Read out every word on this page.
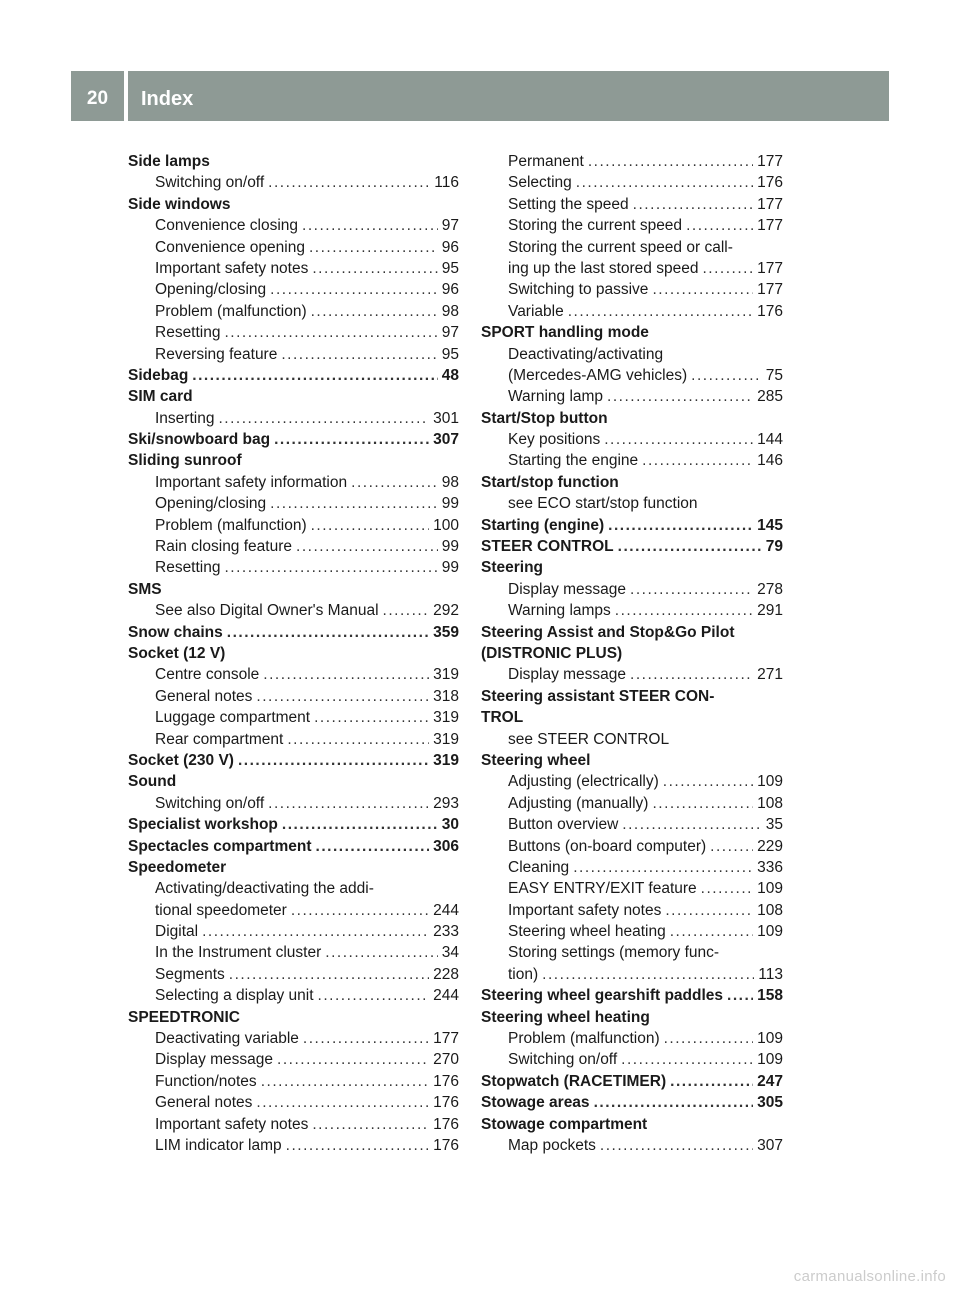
20	Index
Side lamps
Switching on/off . . .	116
Side windows
Convenience closing . . .	97
Convenience opening . . .	96
Important safety notes . . .	95
Opening/closing . . .	96
Problem (malfunction) . . .	98
Resetting . . .	97
Reversing feature . . .	95
Sidebag . . .	48
SIM card
Inserting . . .	301
Ski/snowboard bag . . .	307
Sliding sunroof
Important safety information . . .	98
Opening/closing . . .	99
Problem (malfunction) . . .	100
Rain closing feature . . .	99
Resetting . . .	99
SMS
See also Digital Owner's Manual . . .	292
Snow chains . . .	359
Socket (12 V)
Centre console . . .	319
General notes . . .	318
Luggage compartment . . .	319
Rear compartment . . .	319
Socket (230 V) . . .	319
Sound
Switching on/off . . .	293
Specialist workshop . . .	30
Spectacles compartment . . .	306
Speedometer
Activating/deactivating the addi-
tional speedometer . . .	244
Digital . . .	233
In the Instrument cluster . . .	34
Segments . . .	228
Selecting a display unit . . .	244
SPEEDTRONIC
Deactivating variable . . .	177
Display message . . .	270
Function/notes . . .	176
General notes . . .	176
Important safety notes . . .	176
LIM indicator lamp . . .	176
Permanent . . .	177
Selecting . . .	176
Setting the speed . . .	177
Storing the current speed . . .	177
Storing the current speed or call-
ing up the last stored speed . . .	177
Switching to passive . . .	177
Variable . . .	176
SPORT handling mode
Deactivating/activating
(Mercedes-AMG vehicles) . . .	75
Warning lamp . . .	285
Start/Stop button
Key positions . . .	144
Starting the engine . . .	146
Start/stop function
see ECO start/stop function
Starting (engine) . . .	145
STEER CONTROL . . .	79
Steering
Display message . . .	278
Warning lamps . . .	291
Steering Assist and Stop&Go Pilot
(DISTRONIC PLUS)
Display message . . .	271
Steering assistant STEER CON-
TROL
see STEER CONTROL
Steering wheel
Adjusting (electrically) . . .	109
Adjusting (manually) . . .	108
Button overview . . .	35
Buttons (on-board computer) . . .	229
Cleaning . . .	336
EASY ENTRY/EXIT feature . . .	109
Important safety notes . . .	108
Steering wheel heating . . .	109
Storing settings (memory func-
tion) . . .	113
Steering wheel gearshift paddles . . . 158
Steering wheel heating
Problem (malfunction) . . .	109
Switching on/off . . .	109
Stopwatch (RACETIMER) . . .	247
Stowage areas . . .	305
Stowage compartment
Map pockets . . .	307
carmanualsonline.info
